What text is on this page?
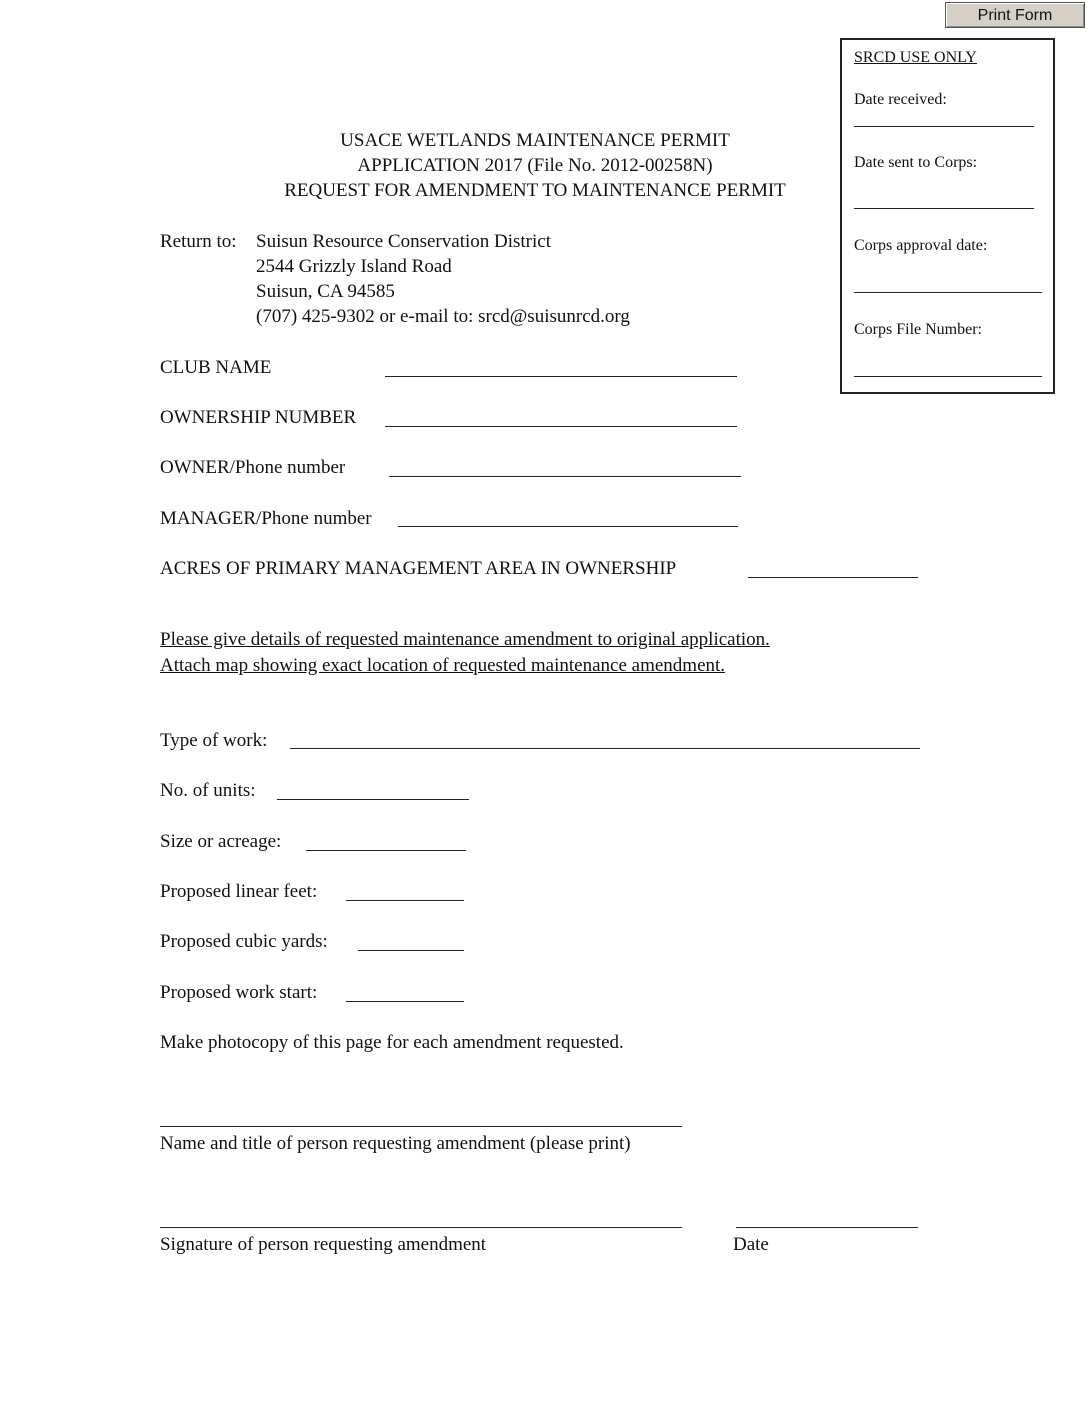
Print Form
SRCD USE ONLY
Date received:
Date sent to Corps:
Corps approval date:
Corps File Number:
USACE WETLANDS MAINTENANCE PERMIT
APPLICATION 2017 (File No. 2012-00258N)
REQUEST FOR AMENDMENT TO MAINTENANCE PERMIT
Return to: Suisun Resource Conservation District
2544 Grizzly Island Road
Suisun, CA 94585
(707) 425-9302 or e-mail to: srcd@suisunrcd.org
CLUB NAME
OWNERSHIP NUMBER
OWNER/Phone number
MANAGER/Phone number
ACRES OF PRIMARY MANAGEMENT AREA IN OWNERSHIP
Please give details of requested maintenance amendment to original application.
Attach map showing exact location of requested maintenance amendment.
Type of work:
No. of units:
Size or acreage:
Proposed linear feet:
Proposed cubic yards:
Proposed work start:
Make photocopy of this page for each amendment requested.
Name and title of person requesting amendment (please print)
Signature of person requesting amendment	Date
